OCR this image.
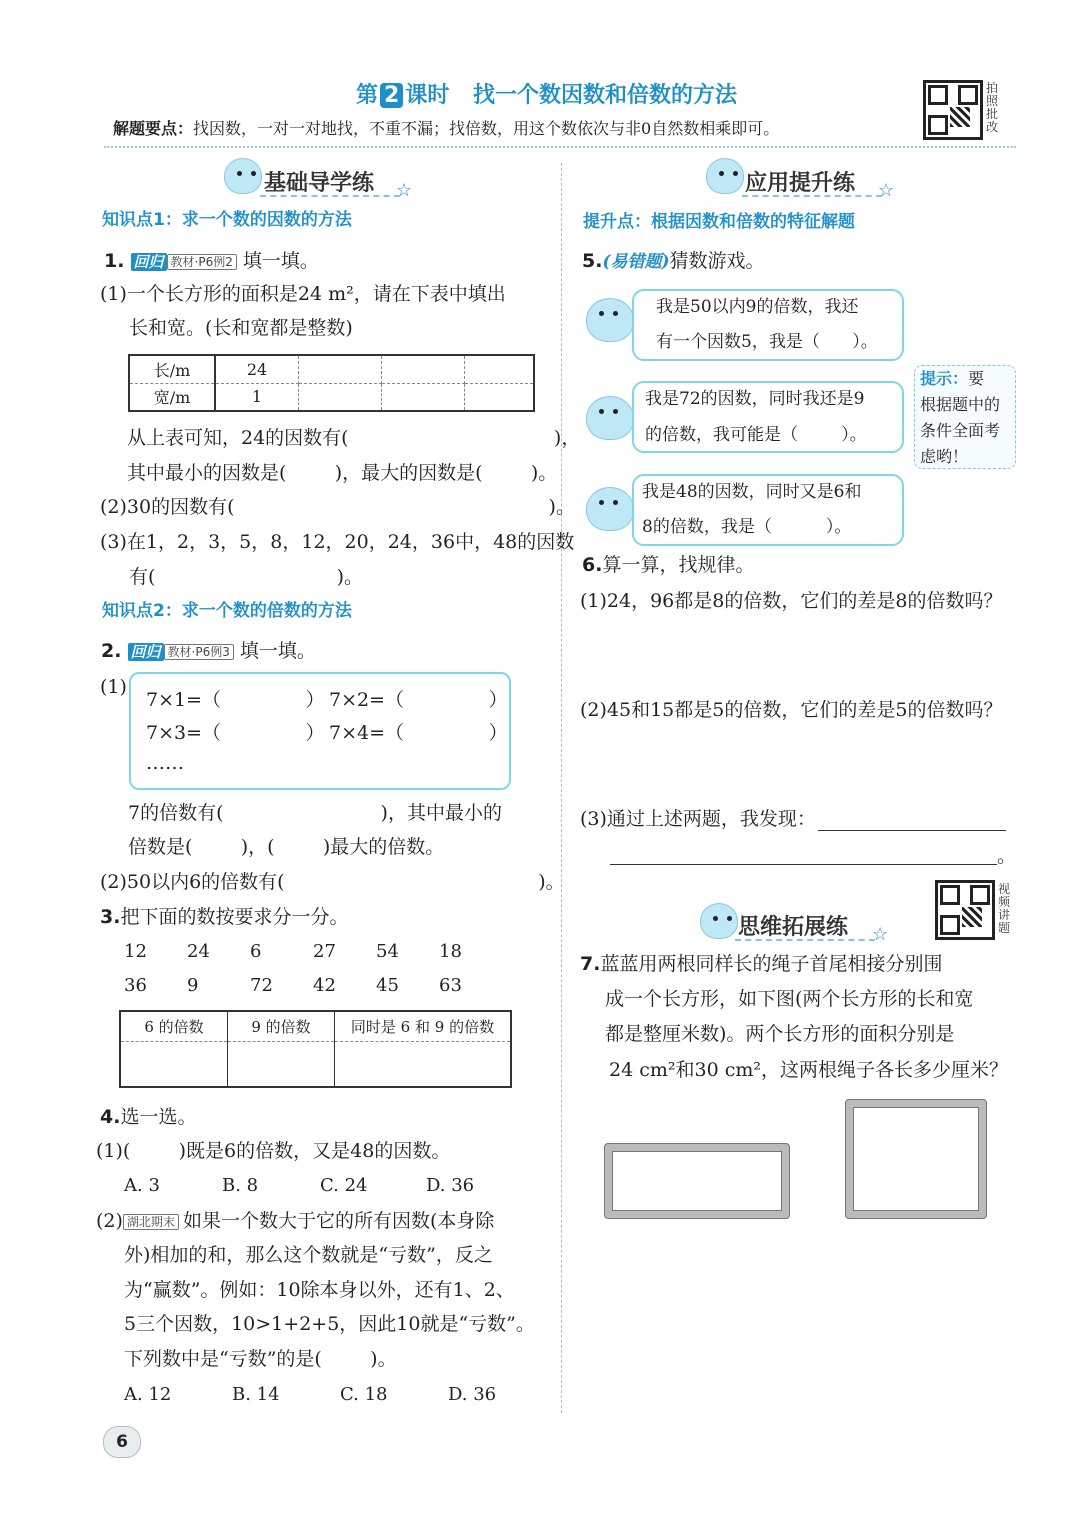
第 2 课时 找一个数因数和倍数的方法
解题要点：找因数，一对一对地找，不重不漏；找倍数，用这个数依次与非0自然数相乘即可。
拍照批改
基础导学练 ☆
知识点1：求一个数的因数的方法
1. 回归 教材·P6例2 填一填。
(1)一个长方形的面积是24 m²，请在下表中填出
长和宽。(长和宽都是整数)
长/m	24			
宽/m	1			
从上表可知，24的因数有(                                  )，
其中最小的因数是(        )，最大的因数是(        )。
(2)30的因数有(                                                    )。
(3)在1，2，3，5，8，12，20，24，36中，48的因数
有(                              )。
知识点2：求一个数的倍数的方法
2. 回归 教材·P6例3 填一填。
(1)
7×1=（              ） 7×2=（              ）
7×3=（              ） 7×4=（              ）
……
7的倍数有(                          )，其中最小的
倍数是(        )，(        )最大的倍数。
(2)50以内6的倍数有(                                          )。
3.把下面的数按要求分一分。
12 24 6	27 54 18
36 9	72 42 45 63
6 的倍数	9 的倍数	同时是 6 和 9 的倍数

4.选一选。
(1)(        )既是6的倍数，又是48的因数。
A. 3	B. 8	C. 24	D. 36
(2) 湖北期末 如果一个数大于它的所有因数(本身除
外)相加的和，那么这个数就是“亏数”，反之
为“赢数”。例如：10除本身以外，还有1、2、
5三个因数，10>1+2+5，因此10就是“亏数”。
下列数中是“亏数”的是(        )。
A. 12	B. 14	C. 18	D. 36
6
应用提升练 ☆
提升点：根据因数和倍数的特征解题
5.(易错题)猜数游戏。
我是50以内9的倍数，我还
有一个因数5，我是（      ）。
我是72的因数，同时我还是9
的倍数，我可能是（        ）。
我是48的因数，同时又是6和
8的倍数，我是（          ）。
提示：要
根据题中的
条件全面考
虑哟！
6.算一算，找规律。
(1)24，96都是8的倍数，它们的差是8的倍数吗？
(2)45和15都是5的倍数，它们的差是5的倍数吗？
(3)通过上述两题，我发现：
。
思维拓展练 ☆
视频讲题
7.蓝蓝用两根同样长的绳子首尾相接分别围
成一个长方形，如下图(两个长方形的长和宽
都是整厘米数)。两个长方形的面积分别是
24 cm²和30 cm²，这两根绳子各长多少厘米？
